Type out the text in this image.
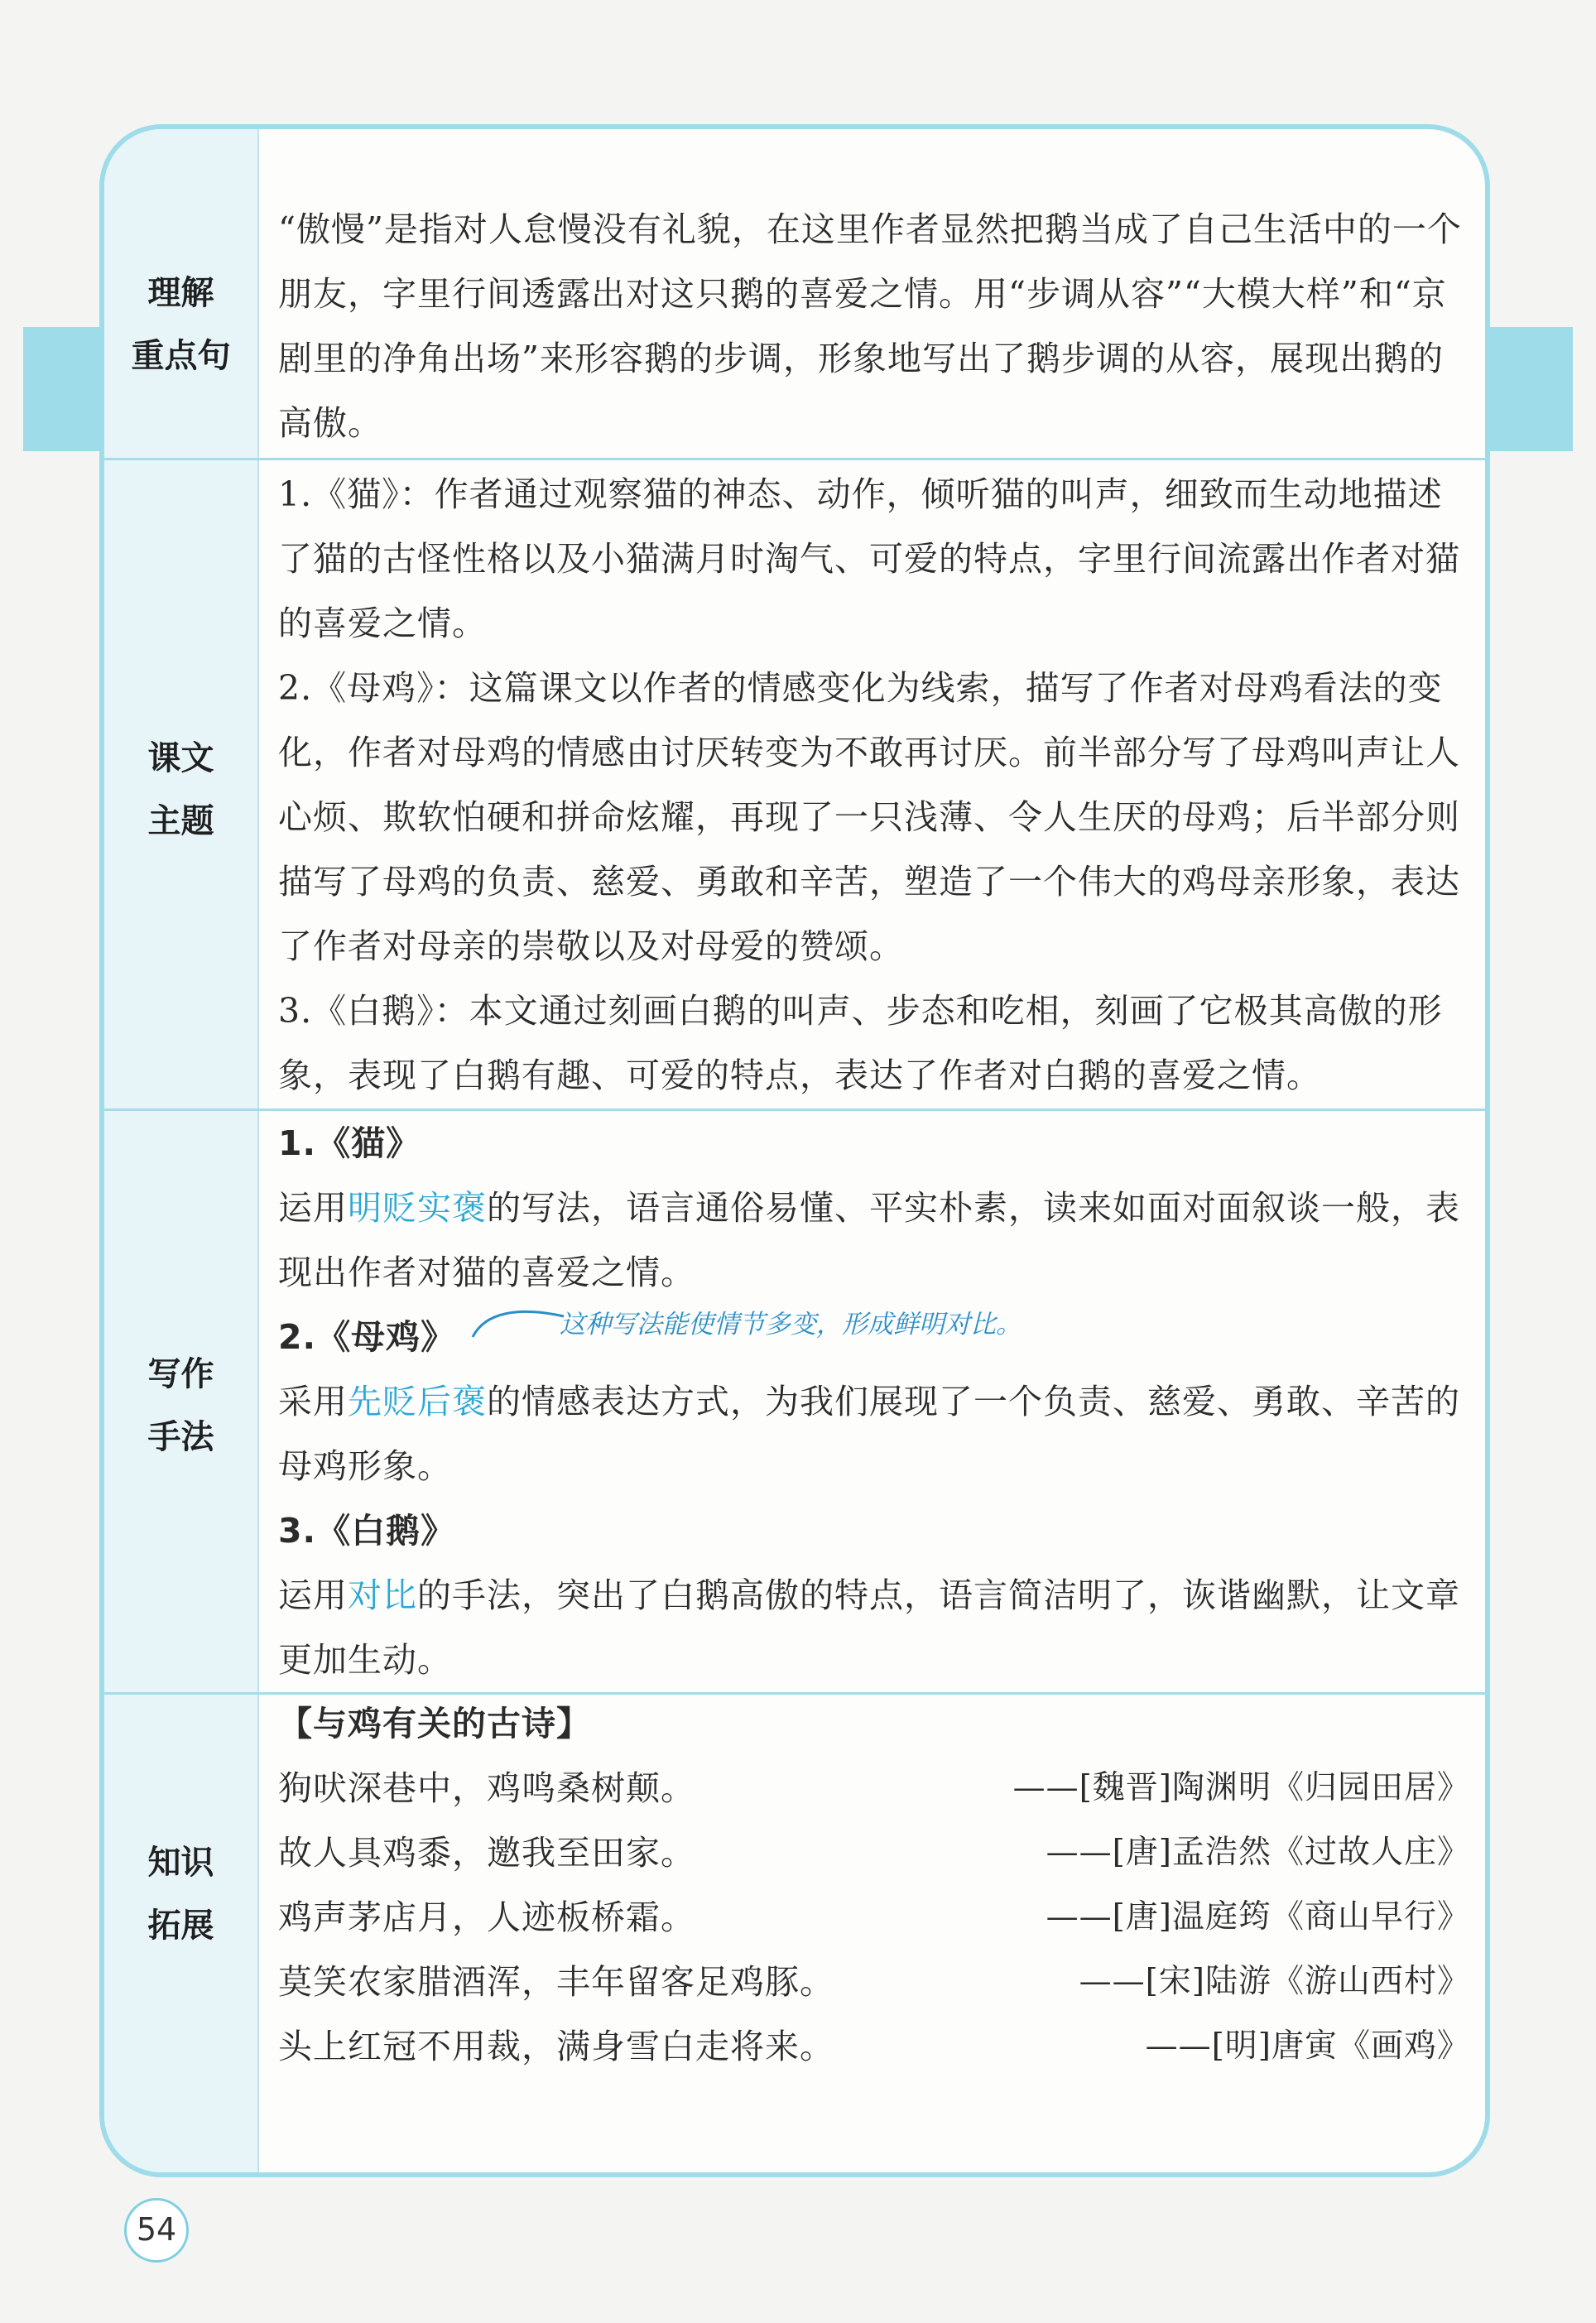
理解
重点句

“傲慢”是指对人怠慢没有礼貌，在这里作者显然把鹅当成了自己生活中的一个朋友，字里行间透露出对这只鹅的喜爱之情。用“步调从容”“大模大样”和“京剧里的净角出场”来形容鹅的步调，形象地写出了鹅步调的从容，展现出鹅的高傲。

课文
主题

1.《猫》：作者通过观察猫的神态、动作，倾听猫的叫声，细致而生动地描述了猫的古怪性格以及小猫满月时淘气、可爱的特点，字里行间流露出作者对猫的喜爱之情。

2.《母鸡》：这篇课文以作者的情感变化为线索，描写了作者对母鸡看法的变化，作者对母鸡的情感由讨厌转变为不敢再讨厌。前半部分写了母鸡叫声让人心烦、欺软怕硬和拼命炫耀，再现了一只浅薄、令人生厌的母鸡；后半部分则描写了母鸡的负责、慈爱、勇敢和辛苦，塑造了一个伟大的鸡母亲形象，表达了作者对母亲的崇敬以及对母爱的赞颂。

3.《白鹅》：本文通过刻画白鹅的叫声、步态和吃相，刻画了它极其高傲的形象，表现了白鹅有趣、可爱的特点，表达了作者对白鹅的喜爱之情。

写作
手法

1.《猫》

运用明贬实褒的写法，语言通俗易懂、平实朴素，读来如面对面叙谈一般，表现出作者对猫的喜爱之情。

2.《母鸡》

采用先贬后褒的情感表达方式，为我们展现了一个负责、慈爱、勇敢、辛苦的母鸡形象。

3.《白鹅》

运用对比的手法，突出了白鹅高傲的特点，语言简洁明了，诙谐幽默，让文章更加生动。

这种写法能使情节多变，形成鲜明对比。
知识
拓展

【与鸡有关的古诗】

狗吠深巷中，鸡鸣桑树颠。	——[魏晋]陶渊明《归园田居》
故人具鸡黍，邀我至田家。	——[唐]孟浩然《过故人庄》
鸡声茅店月，人迹板桥霜。	——[唐]温庭筠《商山早行》
莫笑农家腊酒浑，丰年留客足鸡豚。	——[宋]陆游《游山西村》
头上红冠不用裁，满身雪白走将来。	——[明]唐寅《画鸡》
54
